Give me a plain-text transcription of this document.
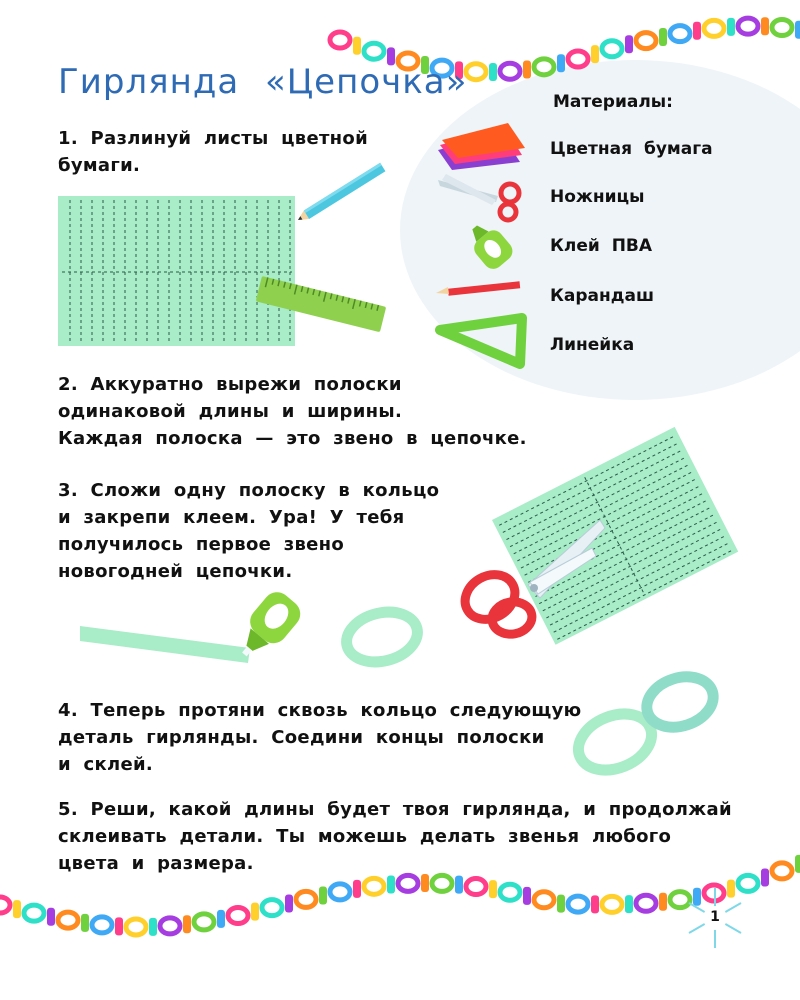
Гирлянда «Цепочка»	Материалы:
Цветная бумага
Ножницы
Клей ПВА
Карандаш
Линейка
1. Разлинуй листы цветной
бумаги.
2. Аккуратно вырежи полоски
одинаковой длины и ширины.
Каждая полоска — это звено в цепочке.
3. Сложи одну полоску в кольцо
и закрепи клеем. Ура! У тебя
получилось первое звено
новогодней цепочки.
4. Теперь протяни сквозь кольцо следующую
деталь гирлянды. Соедини концы полоски
и склей.
5. Реши, какой длины будет твоя гирлянда, и продолжай
склеивать детали. Ты можешь делать звенья любого
цвета и размера.
1
